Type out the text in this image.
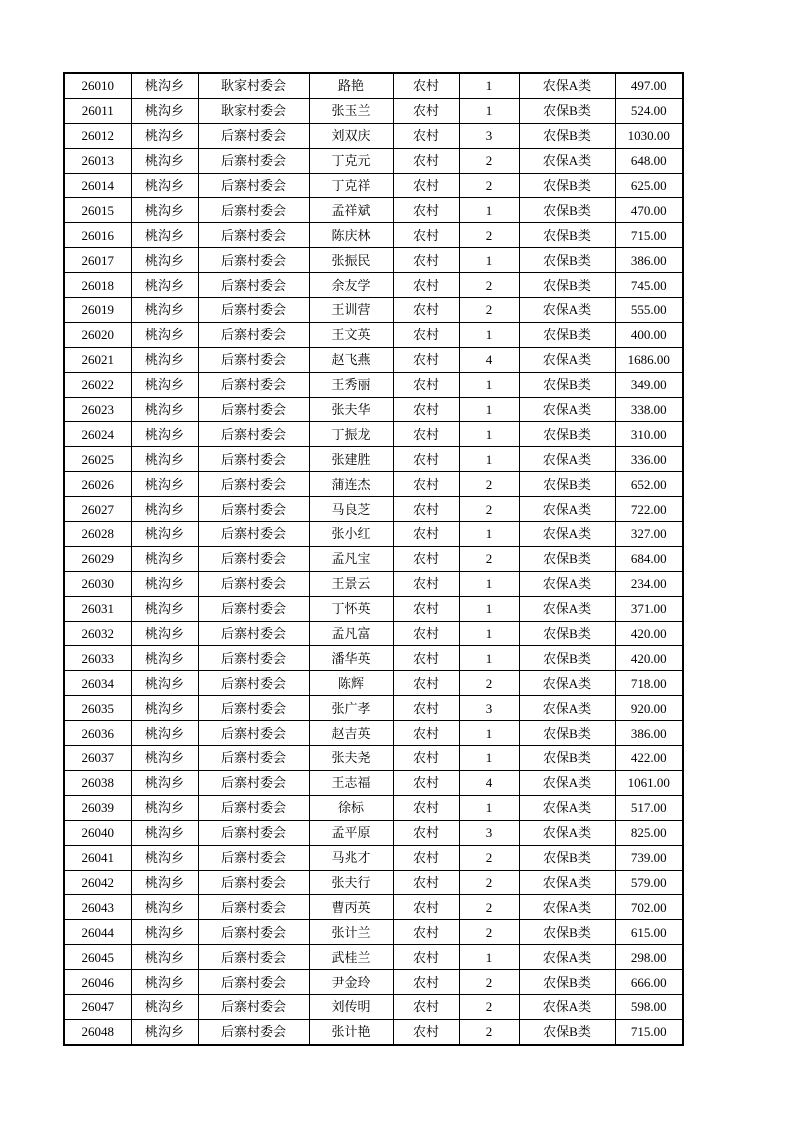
26010	桃沟乡	耿家村委会	路艳	农村	1	农保A类	497.00
26011	桃沟乡	耿家村委会	张玉兰	农村	1	农保B类	524.00
26012	桃沟乡	后寨村委会	刘双庆	农村	3	农保B类	1030.00
26013	桃沟乡	后寨村委会	丁克元	农村	2	农保A类	648.00
26014	桃沟乡	后寨村委会	丁克祥	农村	2	农保B类	625.00
26015	桃沟乡	后寨村委会	孟祥斌	农村	1	农保B类	470.00
26016	桃沟乡	后寨村委会	陈庆林	农村	2	农保B类	715.00
26017	桃沟乡	后寨村委会	张振民	农村	1	农保B类	386.00
26018	桃沟乡	后寨村委会	余友学	农村	2	农保B类	745.00
26019	桃沟乡	后寨村委会	王训营	农村	2	农保A类	555.00
26020	桃沟乡	后寨村委会	王文英	农村	1	农保B类	400.00
26021	桃沟乡	后寨村委会	赵飞燕	农村	4	农保A类	1686.00
26022	桃沟乡	后寨村委会	王秀丽	农村	1	农保B类	349.00
26023	桃沟乡	后寨村委会	张夫华	农村	1	农保A类	338.00
26024	桃沟乡	后寨村委会	丁振龙	农村	1	农保B类	310.00
26025	桃沟乡	后寨村委会	张建胜	农村	1	农保A类	336.00
26026	桃沟乡	后寨村委会	蒲连杰	农村	2	农保B类	652.00
26027	桃沟乡	后寨村委会	马良芝	农村	2	农保A类	722.00
26028	桃沟乡	后寨村委会	张小红	农村	1	农保A类	327.00
26029	桃沟乡	后寨村委会	孟凡宝	农村	2	农保B类	684.00
26030	桃沟乡	后寨村委会	王景云	农村	1	农保A类	234.00
26031	桃沟乡	后寨村委会	丁怀英	农村	1	农保A类	371.00
26032	桃沟乡	后寨村委会	孟凡富	农村	1	农保B类	420.00
26033	桃沟乡	后寨村委会	潘华英	农村	1	农保B类	420.00
26034	桃沟乡	后寨村委会	陈辉	农村	2	农保A类	718.00
26035	桃沟乡	后寨村委会	张广孝	农村	3	农保A类	920.00
26036	桃沟乡	后寨村委会	赵吉英	农村	1	农保B类	386.00
26037	桃沟乡	后寨村委会	张夫尧	农村	1	农保B类	422.00
26038	桃沟乡	后寨村委会	王志福	农村	4	农保A类	1061.00
26039	桃沟乡	后寨村委会	徐标	农村	1	农保A类	517.00
26040	桃沟乡	后寨村委会	孟平原	农村	3	农保A类	825.00
26041	桃沟乡	后寨村委会	马兆才	农村	2	农保B类	739.00
26042	桃沟乡	后寨村委会	张夫行	农村	2	农保A类	579.00
26043	桃沟乡	后寨村委会	曹丙英	农村	2	农保A类	702.00
26044	桃沟乡	后寨村委会	张计兰	农村	2	农保B类	615.00
26045	桃沟乡	后寨村委会	武桂兰	农村	1	农保A类	298.00
26046	桃沟乡	后寨村委会	尹金玲	农村	2	农保B类	666.00
26047	桃沟乡	后寨村委会	刘传明	农村	2	农保A类	598.00
26048	桃沟乡	后寨村委会	张计艳	农村	2	农保B类	715.00
